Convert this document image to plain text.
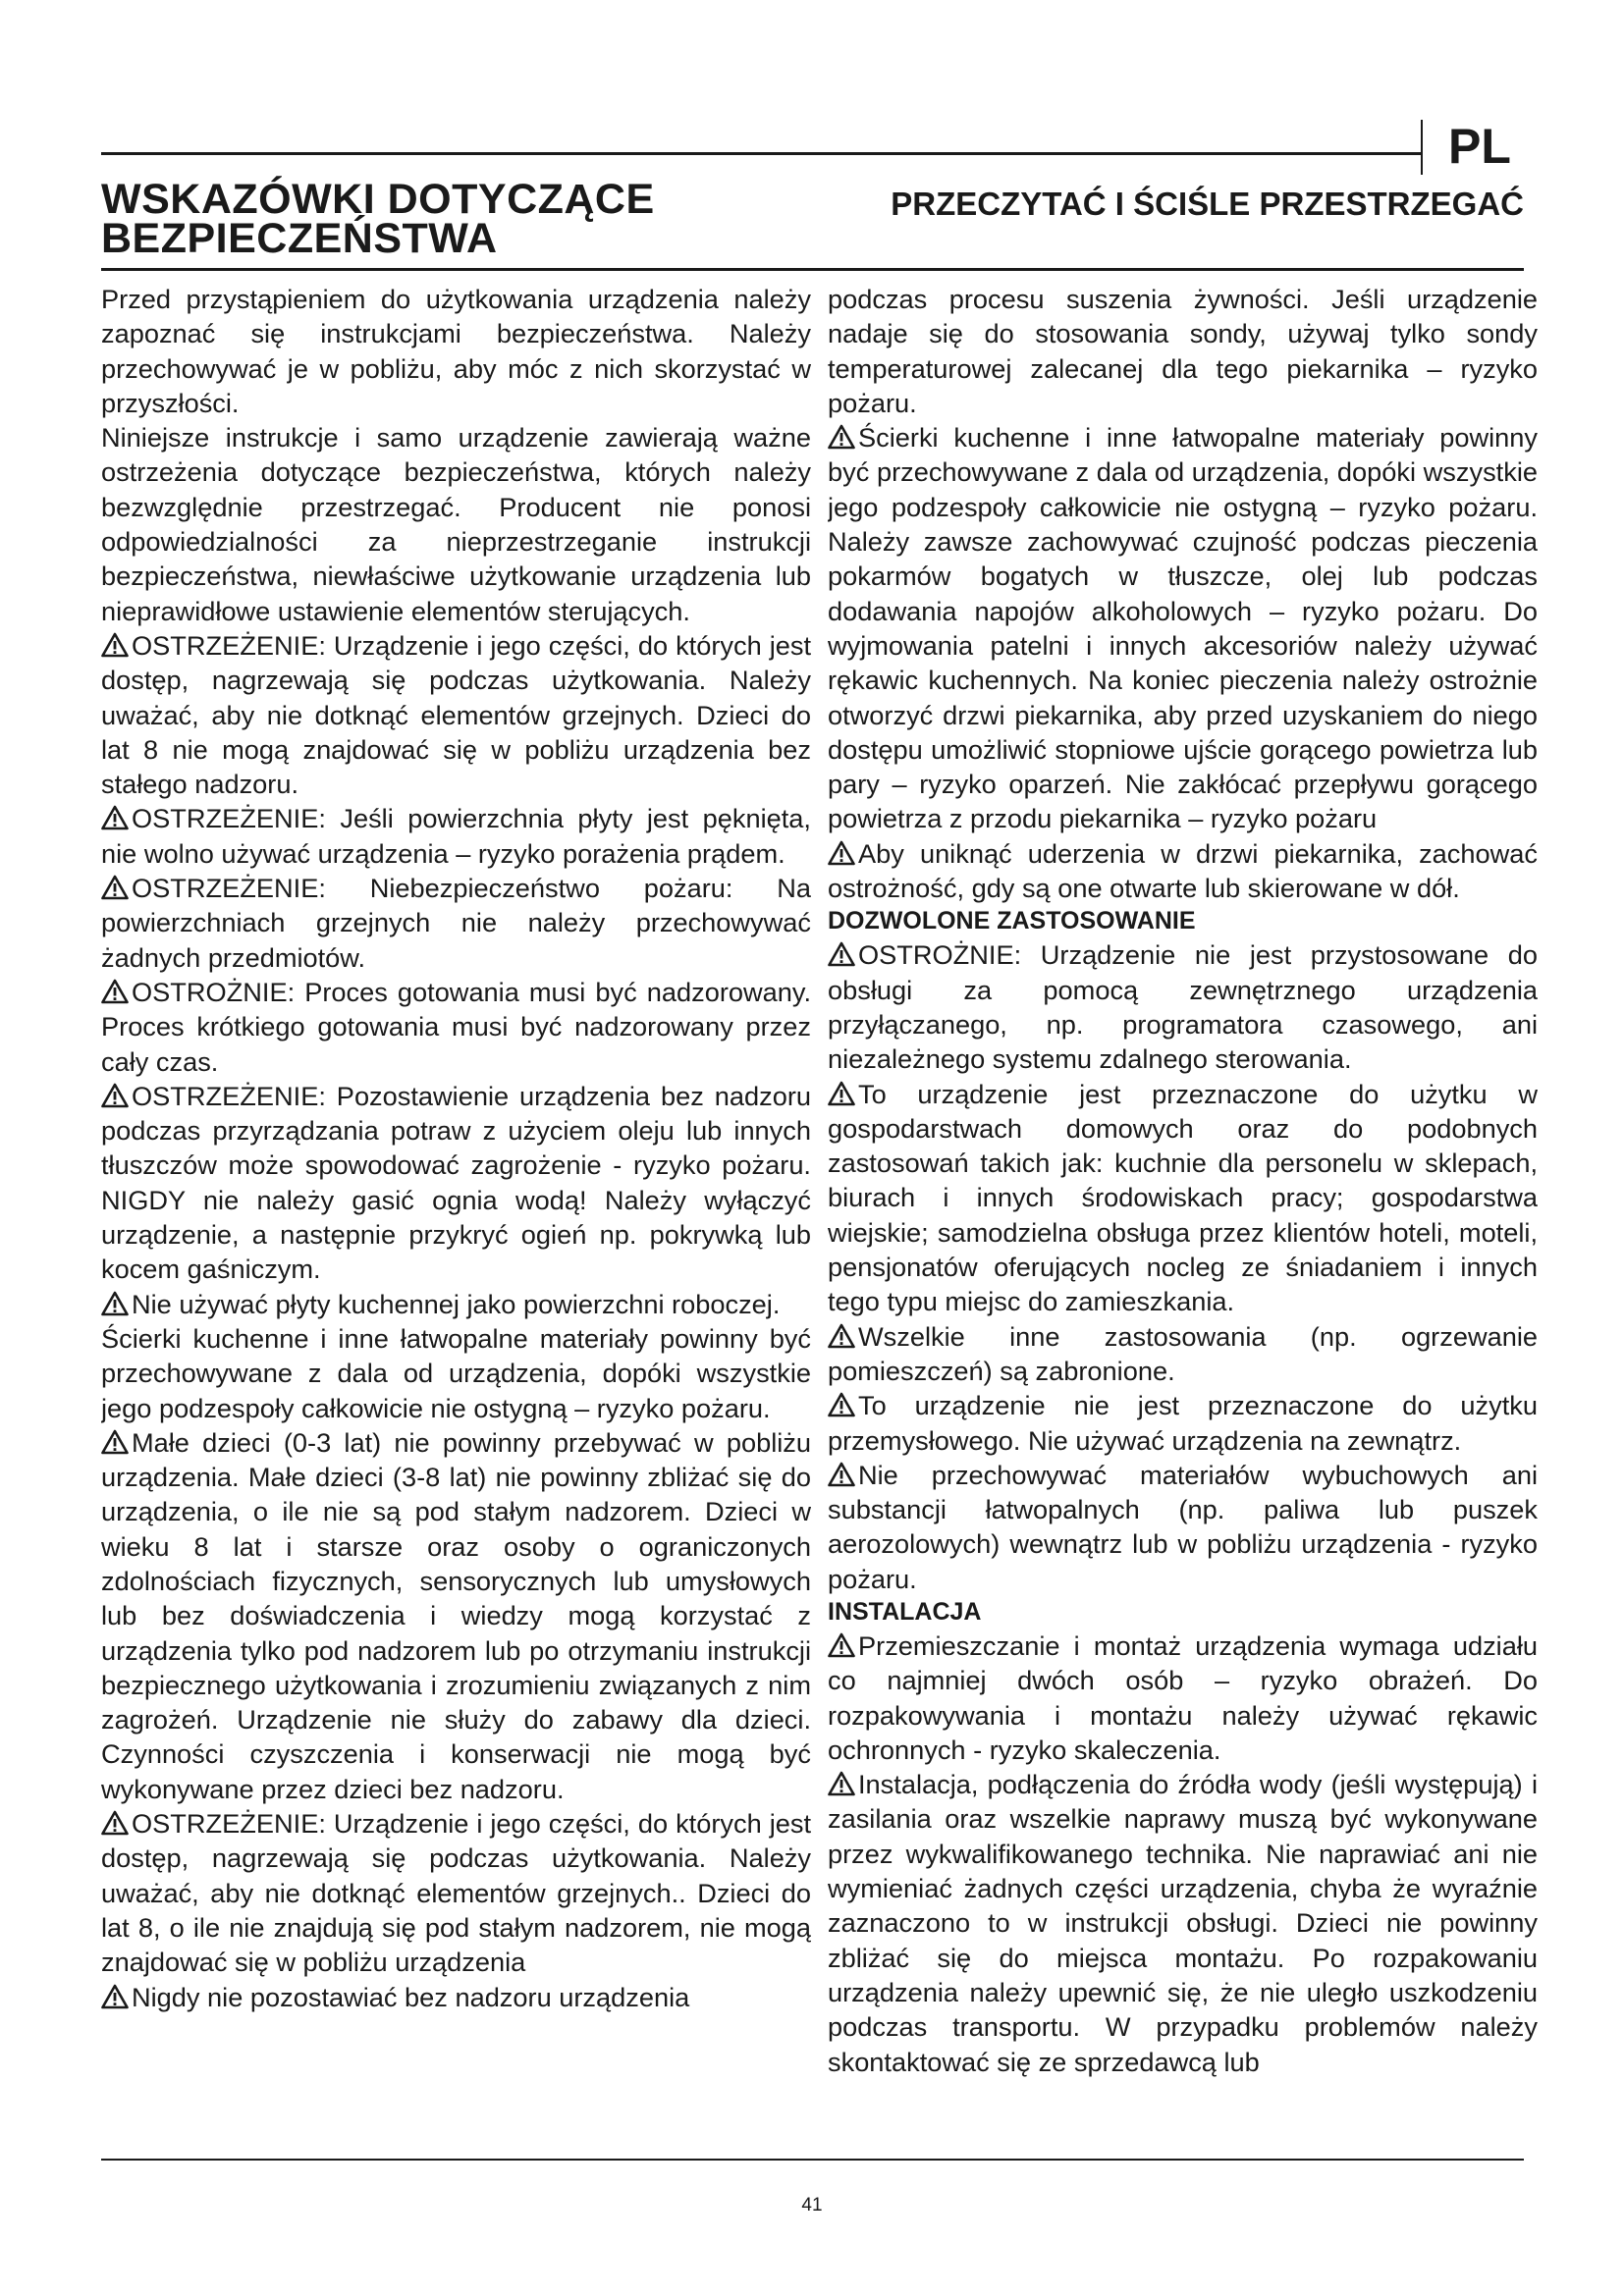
PL
WSKAZÓWKI DOTYCZĄCE BEZPIECZEŃSTWA
PRZECZYTAĆ I ŚCIŚLE PRZESTRZEGAĆ

Przed przystąpieniem do użytkowania urządzenia należy zapoznać się instrukcjami bezpieczeństwa. Należy przechowywać je w pobliżu, aby móc z nich skorzystać w przyszłości.

Niniejsze instrukcje i samo urządzenie zawierają ważne ostrzeżenia dotyczące bezpieczeństwa, których należy bezwzględnie przestrzegać. Producent nie ponosi odpowiedzialności za nieprzestrzeganie instrukcji bezpieczeństwa, niewłaściwe użytkowanie urządzenia lub nieprawidłowe ustawienie elementów sterujących.

OSTRZEŻENIE: Urządzenie i jego części, do których jest dostęp, nagrzewają się podczas użytkowania. Należy uważać, aby nie dotknąć elementów grzejnych. Dzieci do lat 8 nie mogą znajdować się w pobliżu urządzenia bez stałego nadzoru.

OSTRZEŻENIE: Jeśli powierzchnia płyty jest pęknięta, nie wolno używać urządzenia – ryzyko porażenia prądem.

OSTRZEŻENIE: Niebezpieczeństwo pożaru: Na powierzchniach grzejnych nie należy przechowywać żadnych przedmiotów.

OSTROŻNIE: Proces gotowania musi być nadzorowany. Proces krótkiego gotowania musi być nadzorowany przez cały czas.

OSTRZEŻENIE: Pozostawienie urządzenia bez nadzoru podczas przyrządzania potraw z użyciem oleju lub innych tłuszczów może spowodować zagrożenie - ryzyko pożaru. NIGDY nie należy gasić ognia wodą! Należy wyłączyć urządzenie, a następnie przykryć ogień np. pokrywką lub kocem gaśniczym.

Nie używać płyty kuchennej jako powierzchni roboczej.

Ścierki kuchenne i inne łatwopalne materiały powinny być przechowywane z dala od urządzenia, dopóki wszystkie jego podzespoły całkowicie nie ostygną – ryzyko pożaru.

Małe dzieci (0-3 lat) nie powinny przebywać w pobliżu urządzenia. Małe dzieci (3-8 lat) nie powinny zbliżać się do urządzenia, o ile nie są pod stałym nadzorem. Dzieci w wieku 8 lat i starsze oraz osoby o ograniczonych zdolnościach fizycznych, sensorycznych lub umysłowych lub bez doświadczenia i wiedzy mogą korzystać z urządzenia tylko pod nadzorem lub po otrzymaniu instrukcji bezpiecznego użytkowania i zrozumieniu związanych z nim zagrożeń. Urządzenie nie służy do zabawy dla dzieci. Czynności czyszczenia i konserwacji nie mogą być wykonywane przez dzieci bez nadzoru.

OSTRZEŻENIE: Urządzenie i jego części, do których jest dostęp, nagrzewają się podczas użytkowania. Należy uważać, aby nie dotknąć elementów grzejnych.. Dzieci do lat 8, o ile nie znajdują się pod stałym nadzorem, nie mogą znajdować się w pobliżu urządzenia

Nigdy nie pozostawiać bez nadzoru urządzenia

podczas procesu suszenia żywności. Jeśli urządzenie nadaje się do stosowania sondy, używaj tylko sondy temperaturowej zalecanej dla tego piekarnika – ryzyko pożaru.

Ścierki kuchenne i inne łatwopalne materiały powinny być przechowywane z dala od urządzenia, dopóki wszystkie jego podzespoły całkowicie nie ostygną – ryzyko pożaru. Należy zawsze zachowywać czujność podczas pieczenia pokarmów bogatych w tłuszcze, olej lub podczas dodawania napojów alkoholowych – ryzyko pożaru. Do wyjmowania patelni i innych akcesoriów należy używać rękawic kuchennych. Na koniec pieczenia należy ostrożnie otworzyć drzwi piekarnika, aby przed uzyskaniem do niego dostępu umożliwić stopniowe ujście gorącego powietrza lub pary – ryzyko oparzeń. Nie zakłócać przepływu gorącego powietrza z przodu piekarnika – ryzyko pożaru

Aby uniknąć uderzenia w drzwi piekarnika, zachować ostrożność, gdy są one otwarte lub skierowane w dół.

DOZWOLONE ZASTOSOWANIE

OSTROŻNIE: Urządzenie nie jest przystosowane do obsługi za pomocą zewnętrznego urządzenia przyłączanego, np. programatora czasowego, ani niezależnego systemu zdalnego sterowania.

To urządzenie jest przeznaczone do użytku w gospodarstwach domowych oraz do podobnych zastosowań takich jak: kuchnie dla personelu w sklepach, biurach i innych środowiskach pracy; gospodarstwa wiejskie; samodzielna obsługa przez klientów hoteli, moteli, pensjonatów oferujących nocleg ze śniadaniem i innych tego typu miejsc do zamieszkania.

Wszelkie inne zastosowania (np. ogrzewanie pomieszczeń) są zabronione.

To urządzenie nie jest przeznaczone do użytku przemysłowego. Nie używać urządzenia na zewnątrz.

Nie przechowywać materiałów wybuchowych ani substancji łatwopalnych (np. paliwa lub puszek aerozolowych) wewnątrz lub w pobliżu urządzenia - ryzyko pożaru.

INSTALACJA

Przemieszczanie i montaż urządzenia wymaga udziału co najmniej dwóch osób – ryzyko obrażeń. Do rozpakowywania i montażu należy używać rękawic ochronnych - ryzyko skaleczenia.

Instalacja, podłączenia do źródła wody (jeśli występują) i zasilania oraz wszelkie naprawy muszą być wykonywane przez wykwalifikowanego technika. Nie naprawiać ani nie wymieniać żadnych części urządzenia, chyba że wyraźnie zaznaczono to w instrukcji obsługi. Dzieci nie powinny zbliżać się do miejsca montażu. Po rozpakowaniu urządzenia należy upewnić się, że nie uległo uszkodzeniu podczas transportu. W przypadku problemów należy skontaktować się ze sprzedawcą lub

41
